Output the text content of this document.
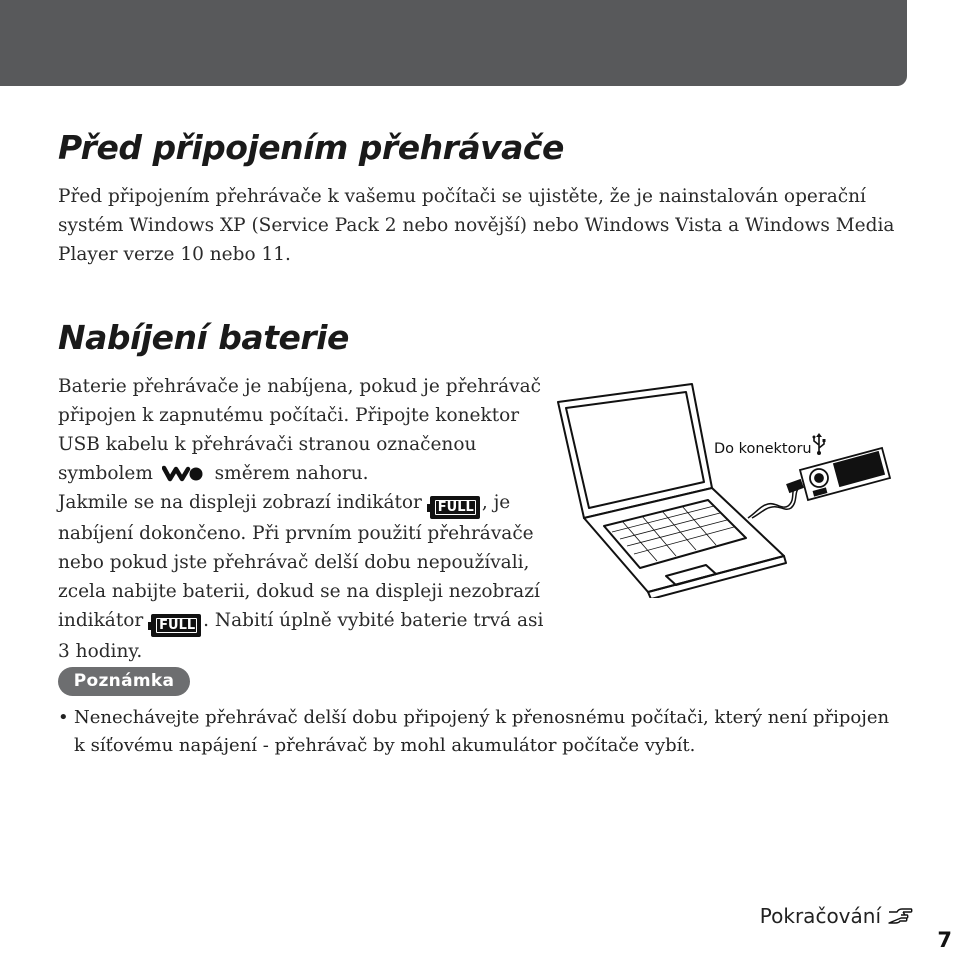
Před připojením přehrávače
Před připojením přehrávače k vašemu počítači se ujistěte, že je nainstalován operační
systém Windows XP (Service Pack 2 nebo novější) nebo Windows Vista a Windows Media
Player verze 10 nebo 11.
Nabíjení baterie
Baterie přehrávače je nabíjena, pokud je přehrávač
připojen k zapnutému počítači. Připojte konektor
USB kabelu k přehrávači stranou označenou
symbolem	směrem nahoru.
Jakmile se na displeji zobrazí indikátor FULL , je
nabíjení dokončeno. Při prvním použití přehrávače
nebo pokud jste přehrávač delší dobu nepoužívali,
zcela nabijte baterii, dokud se na displeji nezobrazí
indikátor FULL . Nabití úplně vybité baterie trvá asi
3 hodiny.
Do konektoru
Poznámka
• Nenechávejte přehrávač delší dobu připojený k přenosnému počítači, který není připojen
k síťovému napájení - přehrávač by mohl akumulátor počítače vybít.
Pokračování
7
